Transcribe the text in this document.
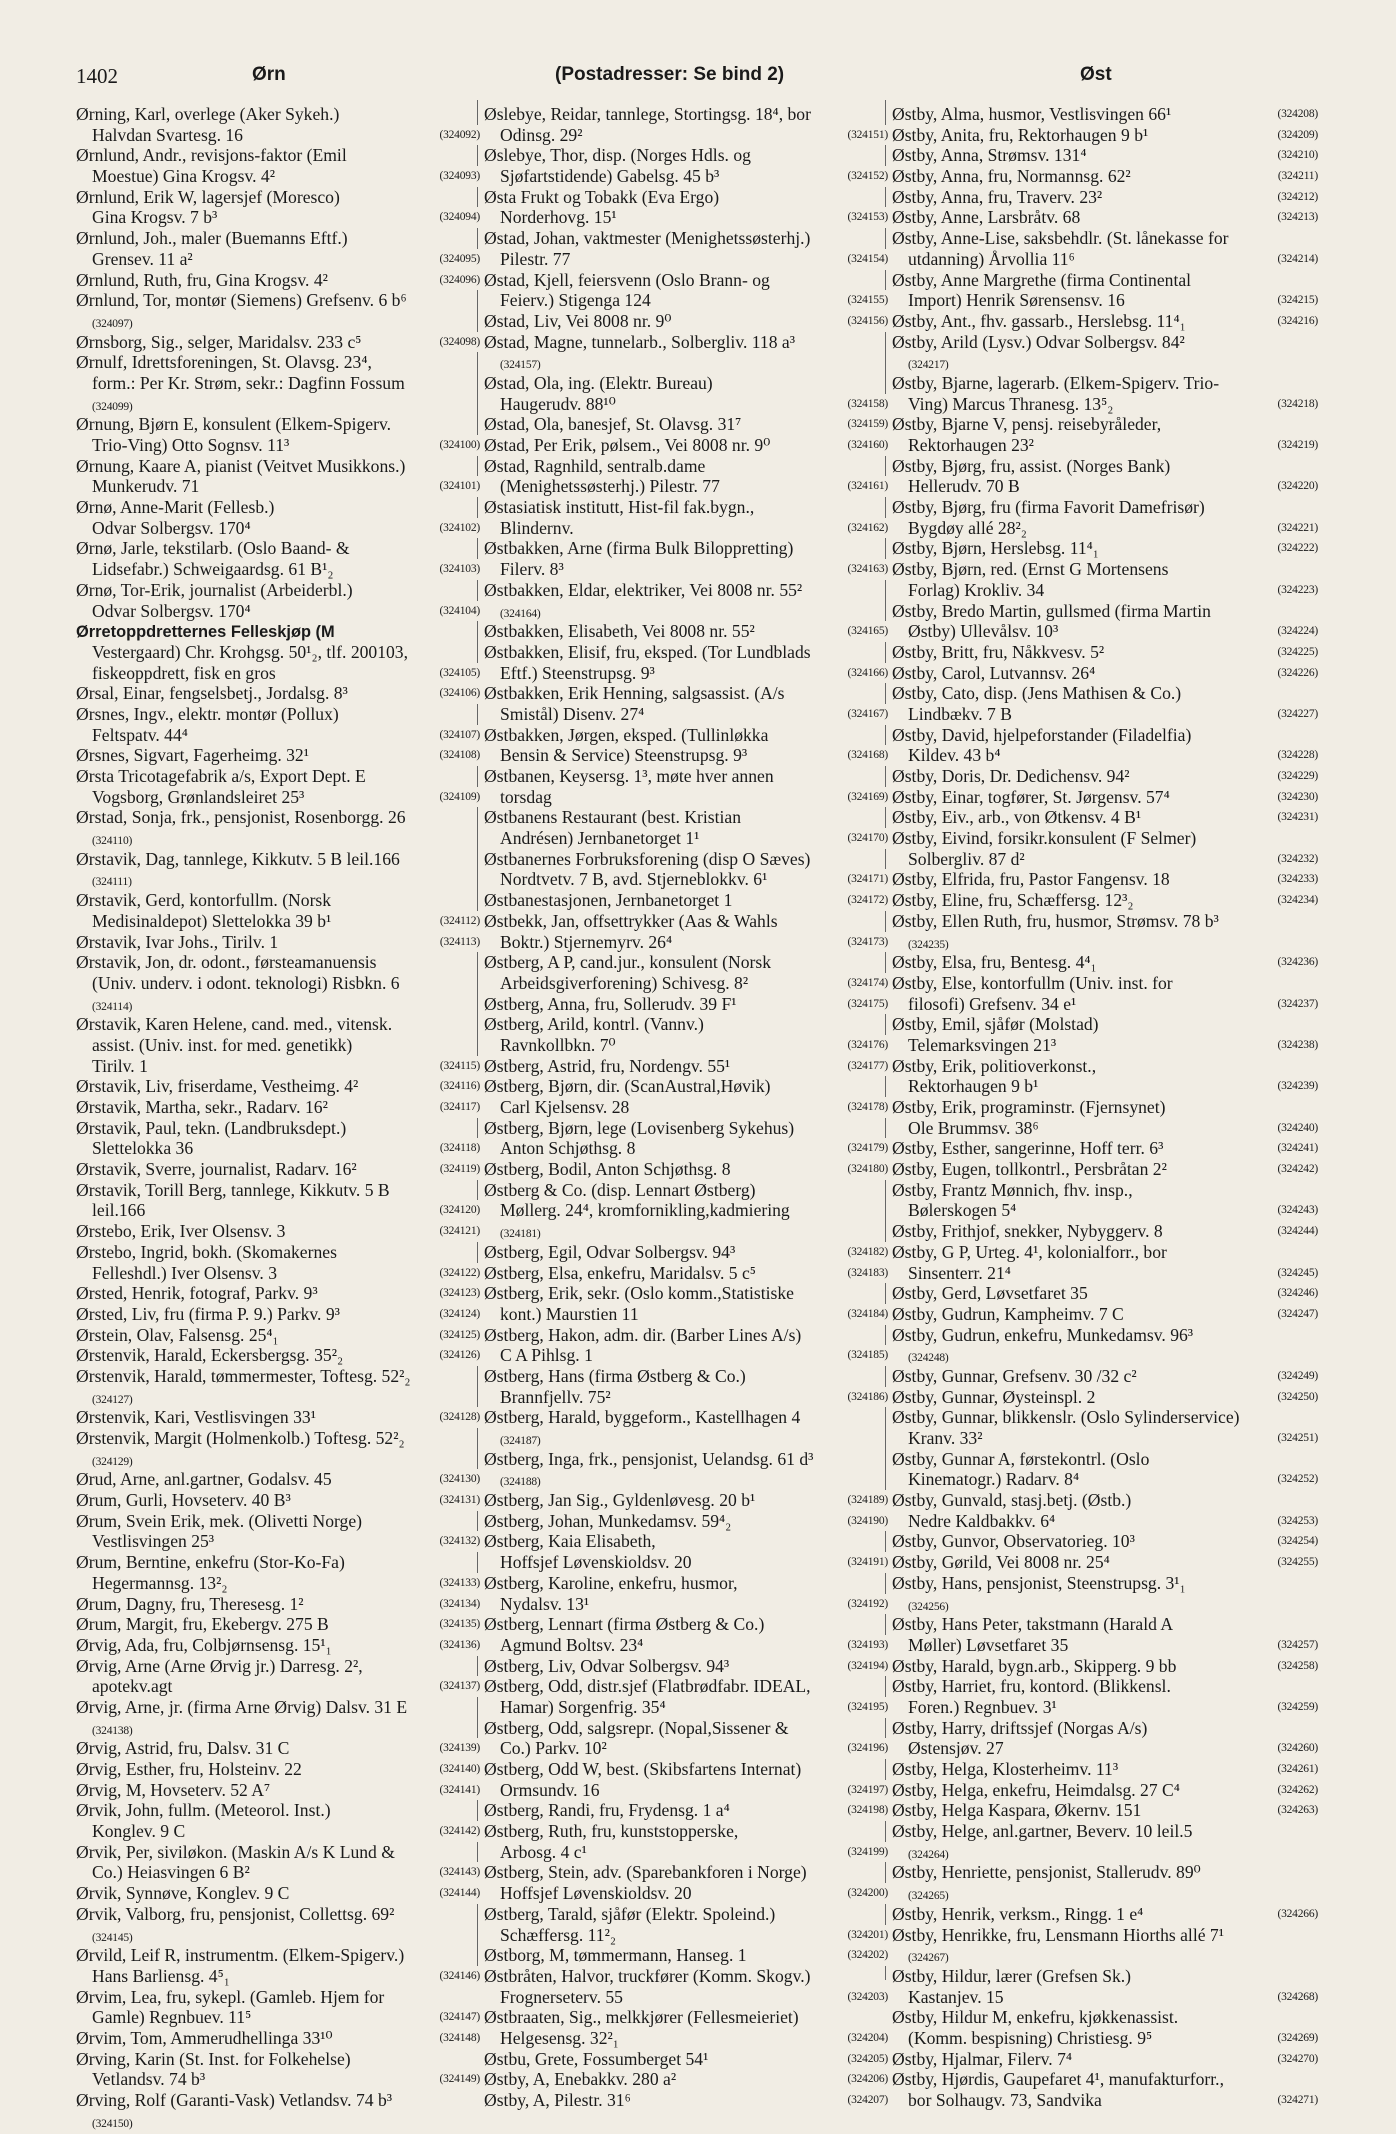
1402	Ørn	(Postadresser: Se bind 2)	Øst
Ørning, Karl, overlege (Aker Sykeh.)
Halvdan Svartesg. 16	(324092)
Ørnlund, Andr., revisjons-faktor (Emil
Moestue) Gina Krogsv. 4²	(324093)
Ørnlund, Erik W, lagersjef (Moresco)
Gina Krogsv. 7 b³	(324094)
Ørnlund, Joh., maler (Buemanns Eftf.)
Grensev. 11 a²	(324095)
Ørnlund, Ruth, fru, Gina Krogsv. 4²	(324096)
Ørnlund, Tor, montør (Siemens) Grefsenv. 6 b⁶
(324097)
Ørnsborg, Sig., selger, Maridalsv. 233 c⁵	(324098)
Ørnulf, Idrettsforeningen, St. Olavsg. 23⁴,
form.: Per Kr. Strøm, sekr.: Dagfinn Fossum
(324099)
Ørnung, Bjørn E, konsulent (Elkem-Spigerv.
Trio-Ving) Otto Sognsv. 11³	(324100)
Ørnung, Kaare A, pianist (Veitvet Musikkons.)
Munkerudv. 71	(324101)
Ørnø, Anne-Marit (Fellesb.)
Odvar Solbergsv. 170⁴	(324102)
Ørnø, Jarle, tekstilarb. (Oslo Baand- &
Lidsefabr.) Schweigaardsg. 61 B¹₂	(324103)
Ørnø, Tor-Erik, journalist (Arbeiderbl.)
Odvar Solbergsv. 170⁴	(324104)
Ørretoppdretternes Felleskjøp (M
Vestergaard) Chr. Krohgsg. 50¹₂, tlf. 200103,
fiskeoppdrett, fisk en gros	(324105)
Ørsal, Einar, fengselsbetj., Jordalsg. 8³	(324106)
Ørsnes, Ingv., elektr. montør (Pollux)
Feltspatv. 44⁴	(324107)
Ørsnes, Sigvart, Fagerheimg. 32¹	(324108)
Ørsta Tricotagefabrik a/s, Export Dept. E
Vogsborg, Grønlandsleiret 25³	(324109)
Ørstad, Sonja, frk., pensjonist, Rosenborgg. 26
(324110)
Ørstavik, Dag, tannlege, Kikkutv. 5 B leil.166
(324111)
Ørstavik, Gerd, kontorfullm. (Norsk
Medisinaldepot) Slettelokka 39 b¹	(324112)
Ørstavik, Ivar Johs., Tirilv. 1	(324113)
Ørstavik, Jon, dr. odont., førsteamanuensis
(Univ. underv. i odont. teknologi) Risbkn. 6
(324114)
Ørstavik, Karen Helene, cand. med., vitensk.
assist. (Univ. inst. for med. genetikk)
Tirilv. 1	(324115)
Ørstavik, Liv, friserdame, Vestheimg. 4²	(324116)
Ørstavik, Martha, sekr., Radarv. 16²	(324117)
Ørstavik, Paul, tekn. (Landbruksdept.)
Slettelokka 36	(324118)
Ørstavik, Sverre, journalist, Radarv. 16²	(324119)
Ørstavik, Torill Berg, tannlege, Kikkutv. 5 B
leil.166	(324120)
Ørstebo, Erik, Iver Olsensv. 3	(324121)
Ørstebo, Ingrid, bokh. (Skomakernes
Felleshdl.) Iver Olsensv. 3	(324122)
Ørsted, Henrik, fotograf, Parkv. 9³	(324123)
Ørsted, Liv, fru (firma P. 9.) Parkv. 9³	(324124)
Ørstein, Olav, Falsensg. 25⁴₁	(324125)
Ørstenvik, Harald, Eckersbergsg. 35²₂	(324126)
Ørstenvik, Harald, tømmermester, Toftesg. 52²₂
(324127)
Ørstenvik, Kari, Vestlisvingen 33¹	(324128)
Ørstenvik, Margit (Holmenkolb.) Toftesg. 52²₂
(324129)
Ørud, Arne, anl.gartner, Godalsv. 45	(324130)
Ørum, Gurli, Hovseterv. 40 B³	(324131)
Ørum, Svein Erik, mek. (Olivetti Norge)
Vestlisvingen 25³	(324132)
Ørum, Berntine, enkefru (Stor-Ko-Fa)
Hegermannsg. 13²₂	(324133)
Ørum, Dagny, fru, Theresesg. 1²	(324134)
Ørum, Margit, fru, Ekebergv. 275 B	(324135)
Ørvig, Ada, fru, Colbjørnsensg. 15¹₁	(324136)
Ørvig, Arne (Arne Ørvig jr.) Darresg. 2²,
apotekv.agt	(324137)
Ørvig, Arne, jr. (firma Arne Ørvig) Dalsv. 31 E
(324138)
Ørvig, Astrid, fru, Dalsv. 31 C	(324139)
Ørvig, Esther, fru, Holsteinv. 22	(324140)
Ørvig, M, Hovseterv. 52 A⁷	(324141)
Ørvik, John, fullm. (Meteorol. Inst.)
Konglev. 9 C	(324142)
Ørvik, Per, siviløkon. (Maskin A/s K Lund &
Co.) Heiasvingen 6 B²	(324143)
Ørvik, Synnøve, Konglev. 9 C	(324144)
Ørvik, Valborg, fru, pensjonist, Collettsg. 69²
(324145)
Ørvild, Leif R, instrumentm. (Elkem-Spigerv.)
Hans Barliensg. 4⁵₁	(324146)
Ørvim, Lea, fru, sykepl. (Gamleb. Hjem for
Gamle) Regnbuev. 11⁵	(324147)
Ørvim, Tom, Ammerudhellinga 33¹⁰	(324148)
Ørving, Karin (St. Inst. for Folkehelse)
Vetlandsv. 74 b³	(324149)
Ørving, Rolf (Garanti-Vask) Vetlandsv. 74 b³
(324150)
Øslebye, Reidar, tannlege, Stortingsg. 18⁴, bor
Odinsg. 29²	(324151)
Øslebye, Thor, disp. (Norges Hdls. og
Sjøfartstidende) Gabelsg. 45 b³	(324152)
Østa Frukt og Tobakk (Eva Ergo)
Norderhovg. 15¹	(324153)
Østad, Johan, vaktmester (Menighetssøsterhj.)
Pilestr. 77	(324154)
Østad, Kjell, feiersvenn (Oslo Brann- og
Feierv.) Stigenga 124	(324155)
Østad, Liv, Vei 8008 nr. 9⁰	(324156)
Østad, Magne, tunnelarb., Solbergliv. 118 a³
(324157)
Østad, Ola, ing. (Elektr. Bureau)
Haugerudv. 88¹⁰	(324158)
Østad, Ola, banesjef, St. Olavsg. 31⁷	(324159)
Østad, Per Erik, pølsem., Vei 8008 nr. 9⁰	(324160)
Østad, Ragnhild, sentralb.dame
(Menighetssøsterhj.) Pilestr. 77	(324161)
Østasiatisk institutt, Hist-fil fak.bygn.,
Blindernv.	(324162)
Østbakken, Arne (firma Bulk Biloppretting)
Filerv. 8³	(324163)
Østbakken, Eldar, elektriker, Vei 8008 nr. 55²
(324164)
Østbakken, Elisabeth, Vei 8008 nr. 55²	(324165)
Østbakken, Elisif, fru, eksped. (Tor Lundblads
Eftf.) Steenstrupsg. 9³	(324166)
Østbakken, Erik Henning, salgsassist. (A/s
Smistål) Disenv. 27⁴	(324167)
Østbakken, Jørgen, eksped. (Tullinløkka
Bensin & Service) Steenstrupsg. 9³	(324168)
Østbanen, Keysersg. 1³, møte hver annen
torsdag	(324169)
Østbanens Restaurant (best. Kristian
Andrésen) Jernbanetorget 1¹	(324170)
Østbanernes Forbruksforening (disp O Sæves)
Nordtvetv. 7 B, avd. Stjerneblokkv. 6¹	(324171)
Østbanestasjonen, Jernbanetorget 1	(324172)
Østbekk, Jan, offsettrykker (Aas & Wahls
Boktr.) Stjernemyrv. 26⁴	(324173)
Østberg, A P, cand.jur., konsulent (Norsk
Arbeidsgiverforening) Schivesg. 8²	(324174)
Østberg, Anna, fru, Sollerudv. 39 F¹	(324175)
Østberg, Arild, kontrl. (Vannv.)
Ravnkollbkn. 7⁰	(324176)
Østberg, Astrid, fru, Nordengv. 55¹	(324177)
Østberg, Bjørn, dir. (ScanAustral,Høvik)
Carl Kjelsensv. 28	(324178)
Østberg, Bjørn, lege (Lovisenberg Sykehus)
Anton Schjøthsg. 8	(324179)
Østberg, Bodil, Anton Schjøthsg. 8	(324180)
Østberg & Co. (disp. Lennart Østberg)
Møllerg. 24⁴, kromfornikling,kadmiering
(324181)
Østberg, Egil, Odvar Solbergsv. 94³	(324182)
Østberg, Elsa, enkefru, Maridalsv. 5 c⁵	(324183)
Østberg, Erik, sekr. (Oslo komm.,Statistiske
kont.) Maurstien 11	(324184)
Østberg, Hakon, adm. dir. (Barber Lines A/s)
C A Pihlsg. 1	(324185)
Østberg, Hans (firma Østberg & Co.)
Brannfjellv. 75²	(324186)
Østberg, Harald, byggeform., Kastellhagen 4
(324187)
Østberg, Inga, frk., pensjonist, Uelandsg. 61 d³
(324188)
Østberg, Jan Sig., Gyldenløvesg. 20 b¹	(324189)
Østberg, Johan, Munkedamsv. 59⁴₂	(324190)
Østberg, Kaia Elisabeth,
Hoffsjef Løvenskioldsv. 20	(324191)
Østberg, Karoline, enkefru, husmor,
Nydalsv. 13¹	(324192)
Østberg, Lennart (firma Østberg & Co.)
Agmund Boltsv. 23⁴	(324193)
Østberg, Liv, Odvar Solbergsv. 94³	(324194)
Østberg, Odd, distr.sjef (Flatbrødfabr. IDEAL,
Hamar) Sorgenfrig. 35⁴	(324195)
Østberg, Odd, salgsrepr. (Nopal,Sissener &
Co.) Parkv. 10²	(324196)
Østberg, Odd W, best. (Skibsfartens Internat)
Ormsundv. 16	(324197)
Østberg, Randi, fru, Frydensg. 1 a⁴	(324198)
Østberg, Ruth, fru, kunststopperske,
Arbosg. 4 c¹	(324199)
Østberg, Stein, adv. (Sparebankforen i Norge)
Hoffsjef Løvenskioldsv. 20	(324200)
Østberg, Tarald, sjåfør (Elektr. Spoleind.)
Schæffersg. 11²₂	(324201)
Østborg, M, tømmermann, Hanseg. 1	(324202)
Østbråten, Halvor, truckfører (Komm. Skogv.)
Frognerseterv. 55	(324203)
Østbraaten, Sig., melkkjører (Fellesmeieriet)
Helgesensg. 32²₁	(324204)
Østbu, Grete, Fossumberget 54¹	(324205)
Østby, A, Enebakkv. 280 a²	(324206)
Østby, A, Pilestr. 31⁶	(324207)
Østby, Alma, husmor, Vestlisvingen 66¹	(324208)
Østby, Anita, fru, Rektorhaugen 9 b¹	(324209)
Østby, Anna, Strømsv. 131⁴	(324210)
Østby, Anna, fru, Normannsg. 62²	(324211)
Østby, Anna, fru, Traverv. 23²	(324212)
Østby, Anne, Larsbråtv. 68	(324213)
Østby, Anne-Lise, saksbehdlr. (St. lånekasse for
utdanning) Årvollia 11⁶	(324214)
Østby, Anne Margrethe (firma Continental
Import) Henrik Sørensensv. 16	(324215)
Østby, Ant., fhv. gassarb., Herslebsg. 11⁴₁	(324216)
Østby, Arild (Lysv.) Odvar Solbergsv. 84²
(324217)
Østby, Bjarne, lagerarb. (Elkem-Spigerv. Trio-
Ving) Marcus Thranesg. 13⁵₂	(324218)
Østby, Bjarne V, pensj. reisebyråleder,
Rektorhaugen 23²	(324219)
Østby, Bjørg, fru, assist. (Norges Bank)
Hellerudv. 70 B	(324220)
Østby, Bjørg, fru (firma Favorit Damefrisør)
Bygdøy allé 28²₂	(324221)
Østby, Bjørn, Herslebsg. 11⁴₁	(324222)
Østby, Bjørn, red. (Ernst G Mortensens
Forlag) Krokliv. 34	(324223)
Østby, Bredo Martin, gullsmed (firma Martin
Østby) Ullevålsv. 10³	(324224)
Østby, Britt, fru, Nåkkvesv. 5²	(324225)
Østby, Carol, Lutvannsv. 26⁴	(324226)
Østby, Cato, disp. (Jens Mathisen & Co.)
Lindbækv. 7 B	(324227)
Østby, David, hjelpeforstander (Filadelfia)
Kildev. 43 b⁴	(324228)
Østby, Doris, Dr. Dedichensv. 94²	(324229)
Østby, Einar, togfører, St. Jørgensv. 57⁴	(324230)
Østby, Eiv., arb., von Øtkensv. 4 B¹	(324231)
Østby, Eivind, forsikr.konsulent (F Selmer)
Solbergliv. 87 d²	(324232)
Østby, Elfrida, fru, Pastor Fangensv. 18	(324233)
Østby, Eline, fru, Schæffersg. 12³₂	(324234)
Østby, Ellen Ruth, fru, husmor, Strømsv. 78 b³
(324235)
Østby, Elsa, fru, Bentesg. 4⁴₁	(324236)
Østby, Else, kontorfullm (Univ. inst. for
filosofi) Grefsenv. 34 e¹	(324237)
Østby, Emil, sjåfør (Molstad)
Telemarksvingen 21³	(324238)
Østby, Erik, politioverkonst.,
Rektorhaugen 9 b¹	(324239)
Østby, Erik, programinstr. (Fjernsynet)
Ole Brummsv. 38⁶	(324240)
Østby, Esther, sangerinne, Hoff terr. 6³	(324241)
Østby, Eugen, tollkontrl., Persbråtan 2²	(324242)
Østby, Frantz Mønnich, fhv. insp.,
Bølerskogen 5⁴	(324243)
Østby, Frithjof, snekker, Nybyggerv. 8	(324244)
Østby, G P, Urteg. 4¹, kolonialforr., bor
Sinsenterr. 21⁴	(324245)
Østby, Gerd, Løvsetfaret 35	(324246)
Østby, Gudrun, Kampheimv. 7 C	(324247)
Østby, Gudrun, enkefru, Munkedamsv. 96³
(324248)
Østby, Gunnar, Grefsenv. 30 /32 c²	(324249)
Østby, Gunnar, Øysteinspl. 2	(324250)
Østby, Gunnar, blikkenslr. (Oslo Sylinderservice)
Kranv. 33²	(324251)
Østby, Gunnar A, førstekontrl. (Oslo
Kinematogr.) Radarv. 8⁴	(324252)
Østby, Gunvald, stasj.betj. (Østb.)
Nedre Kaldbakkv. 6⁴	(324253)
Østby, Gunvor, Observatorieg. 10³	(324254)
Østby, Gørild, Vei 8008 nr. 25⁴	(324255)
Østby, Hans, pensjonist, Steenstrupsg. 3¹₁
(324256)
Østby, Hans Peter, takstmann (Harald A
Møller) Løvsetfaret 35	(324257)
Østby, Harald, bygn.arb., Skipperg. 9 bb	(324258)
Østby, Harriet, fru, kontord. (Blikkensl.
Foren.) Regnbuev. 3¹	(324259)
Østby, Harry, driftssjef (Norgas A/s)
Østensjøv. 27	(324260)
Østby, Helga, Klosterheimv. 11³	(324261)
Østby, Helga, enkefru, Heimdalsg. 27 C⁴	(324262)
Østby, Helga Kaspara, Økernv. 151	(324263)
Østby, Helge, anl.gartner, Beverv. 10 leil.5
(324264)
Østby, Henriette, pensjonist, Stallerudv. 89⁰
(324265)
Østby, Henrik, verksm., Ringg. 1 e⁴	(324266)
Østby, Henrikke, fru, Lensmann Hiorths allé 7¹
(324267)
Østby, Hildur, lærer (Grefsen Sk.)
Kastanjev. 15	(324268)
Østby, Hildur M, enkefru, kjøkkenassist.
(Komm. bespisning) Christiesg. 9⁵	(324269)
Østby, Hjalmar, Filerv. 7⁴	(324270)
Østby, Hjørdis, Gaupefaret 4¹, manufakturforr.,
bor Solhaugv. 73, Sandvika	(324271)
